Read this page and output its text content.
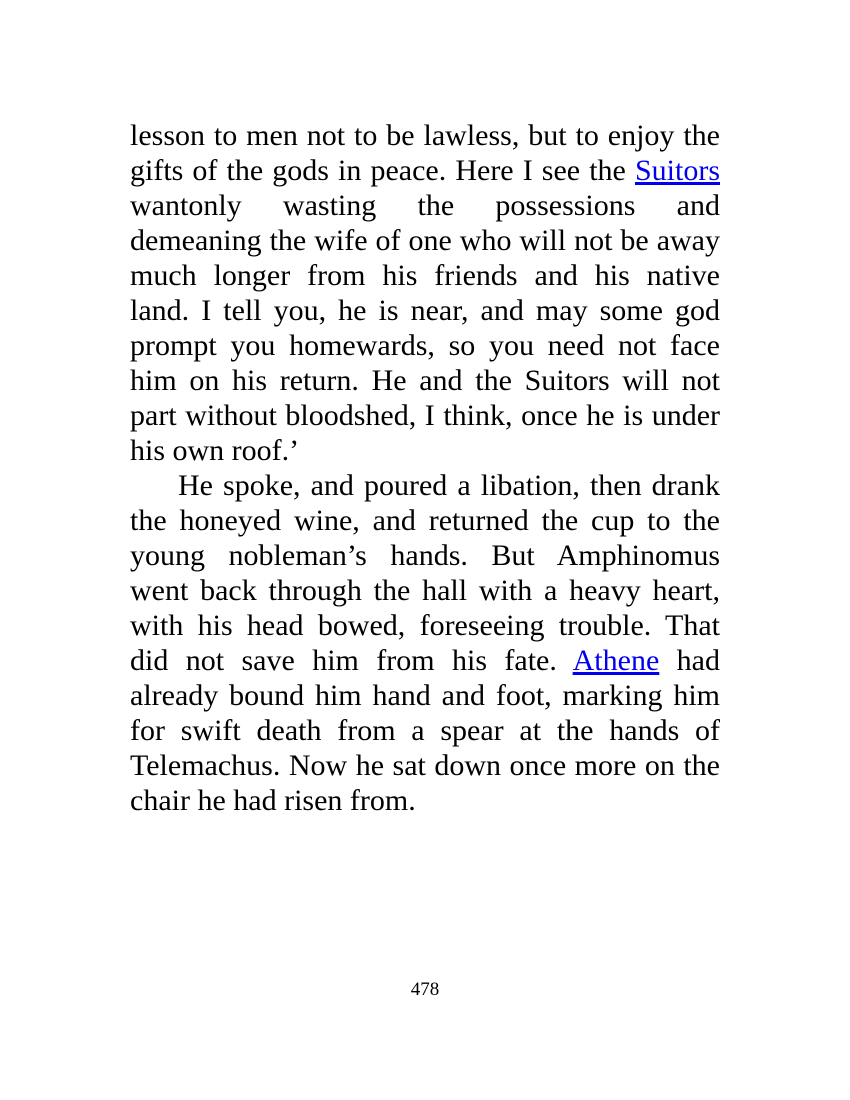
lesson to men not to be lawless, but to enjoy the gifts of the gods in peace. Here I see the Suitors wantonly wasting the possessions and demeaning the wife of one who will not be away much longer from his friends and his native land. I tell you, he is near, and may some god prompt you homewards, so you need not face him on his return. He and the Suitors will not part without bloodshed, I think, once he is under his own roof.’

He spoke, and poured a libation, then drank the honeyed wine, and returned the cup to the young nobleman’s hands. But Amphinomus went back through the hall with a heavy heart, with his head bowed, foreseeing trouble. That did not save him from his fate. Athene had already bound him hand and foot, marking him for swift death from a spear at the hands of Telemachus. Now he sat down once more on the chair he had risen from.

478
